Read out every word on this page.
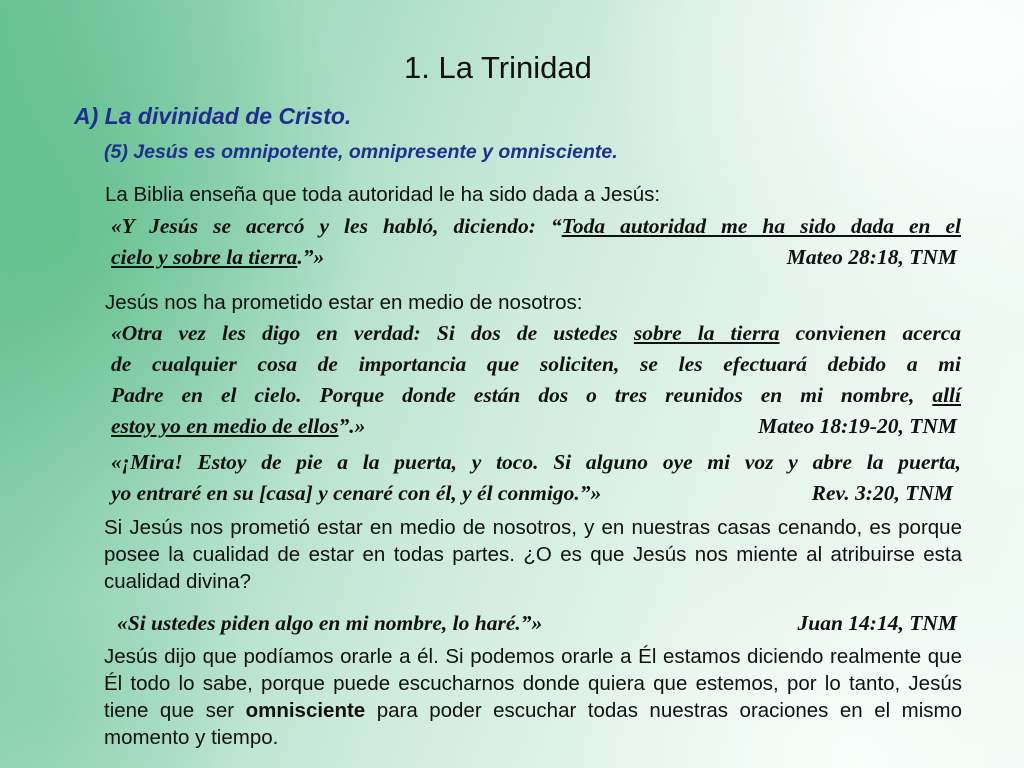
1. La Trinidad
A) La divinidad de Cristo.
(5) Jesús es omnipotente, omnipresente y omnisciente.

La Biblia enseña que toda autoridad le ha sido dada a Jesús:

«Y Jesús se acercó y les habló, diciendo: “Toda autoridad me ha sido dada en el
cielo y sobre la tierra.”»	Mateo 28:18, TNM

Jesús nos ha prometido estar en medio de nosotros:

«Otra vez les digo en verdad: Si dos de ustedes sobre la tierra convienen acerca
de cualquier cosa de importancia que soliciten, se les efectuará debido a mi
Padre en el cielo. Porque donde están dos o tres reunidos en mi nombre, allí
estoy yo en medio de ellos”.»	Mateo 18:19-20, TNM
«¡Mira! Estoy de pie a la puerta, y toco. Si alguno oye mi voz y abre la puerta,
yo entraré en su [casa] y cenaré con él, y él conmigo.”»	Rev. 3:20, TNM

Si Jesús nos prometió estar en medio de nosotros, y en nuestras casas cenando, es porque posee la cualidad de estar en todas partes. ¿O es que Jesús nos miente al atribuirse esta cualidad divina?

«Si ustedes piden algo en mi nombre, lo haré.”»	Juan 14:14, TNM

Jesús dijo que podíamos orarle a él. Si podemos orarle a Él estamos diciendo realmente que Él todo lo sabe, porque puede escucharnos donde quiera que estemos, por lo tanto, Jesús tiene que ser omnisciente para poder escuchar todas nuestras oraciones en el mismo momento y tiempo.
